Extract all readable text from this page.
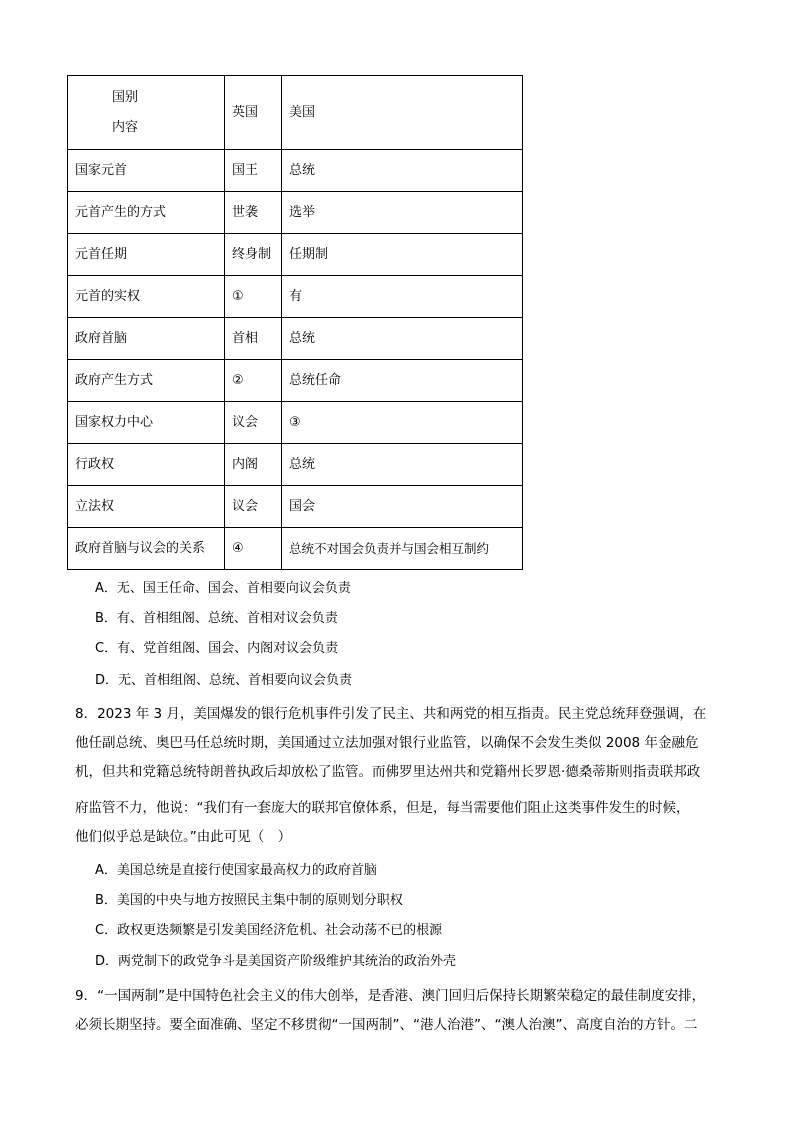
国别
内容	英国	美国
国家元首	国王	总统
元首产生的方式	世袭	选举
元首任期	终身制	任期制
元首的实权	①	有
政府首脑	首相	总统
政府产生方式	②	总统任命
国家权力中心	议会	③
行政权	内阁	总统
立法权	议会	国会
政府首脑与议会的关系	④	总统不对国会负责并与国会相互制约
A．无、国王任命、国会、首相要向议会负责
B．有、首相组阁、总统、首相对议会负责
C．有、党首组阁、国会、内阁对议会负责
D．无、首相组阁、总统、首相要向议会负责
8．2023 年 3 月，美国爆发的银行危机事件引发了民主、共和两党的相互指责。民主党总统拜登强调，在
他任副总统、奥巴马任总统时期，美国通过立法加强对银行业监管，以确保不会发生类似 2008 年金融危
机，但共和党籍总统特朗普执政后却放松了监管。而佛罗里达州共和党籍州长罗恩·德桑蒂斯则指责联邦政
府监管不力，他说：“我们有一套庞大的联邦官僚体系，但是，每当需要他们阻止这类事件发生的时候，
他们似乎总是缺位。”由此可见（　）
A．美国总统是直接行使国家最高权力的政府首脑
B．美国的中央与地方按照民主集中制的原则划分职权
C．政权更迭频繁是引发美国经济危机、社会动荡不已的根源
D．两党制下的政党争斗是美国资产阶级维护其统治的政治外壳
9．“一国两制”是中国特色社会主义的伟大创举，是香港、澳门回归后保持长期繁荣稳定的最佳制度安排，
必须长期坚持。要全面准确、坚定不移贯彻“一国两制”、“港人治港”、“澳人治澳”、高度自治的方针。二
